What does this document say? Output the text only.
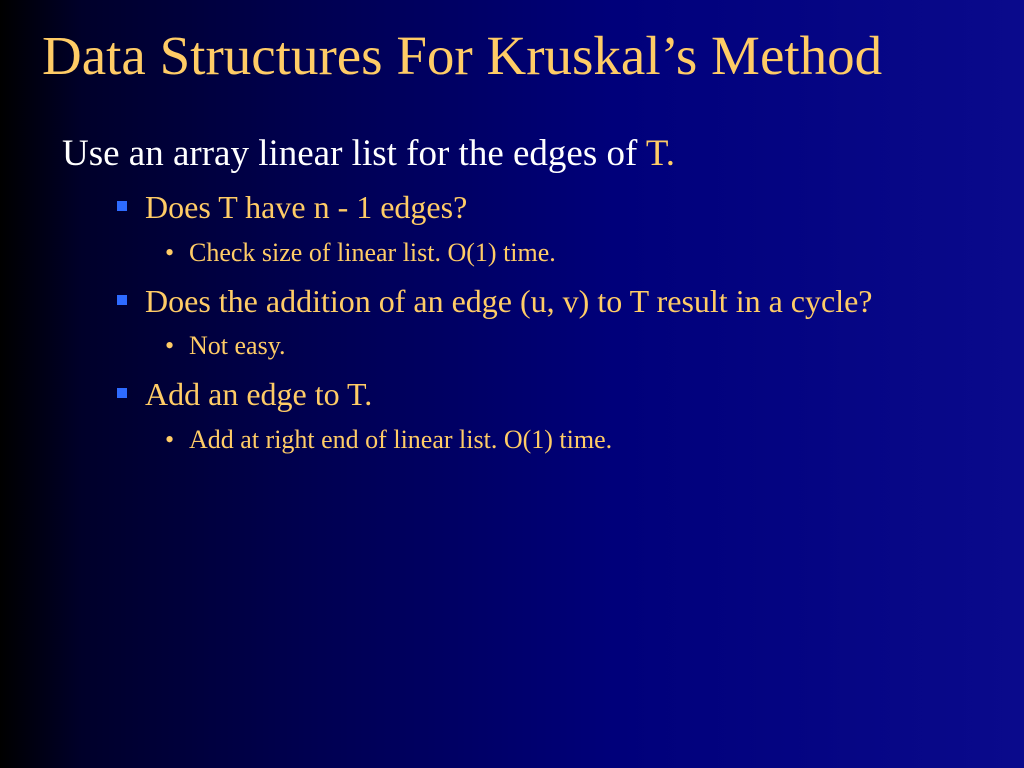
Data Structures For Kruskal’s Method
Use an array linear list for the edges of T.
Does T have n - 1 edges?
• Check size of linear list. O(1) time.
Does the addition of an edge (u, v) to T result in a cycle?
• Not easy.
Add an edge to T.
• Add at right end of linear list. O(1) time.
